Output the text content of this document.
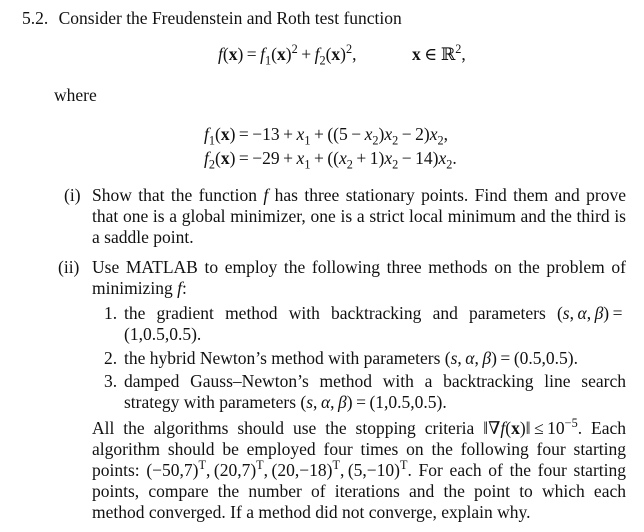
5.2. Consider the Freudenstein and Roth test function
$f(x) = f_1(x)^2 + f_2(x)^2$,	x ∈ ℝ$^2$,
where
$f_1(x) = -13 + x_1 + ((5 - x_2)x_2 - 2)x_2$,
$f_2(x) = -29 + x_1 + ((x_2 + 1)x_2 - 14)x_2$.
(i) Show that the function f has three stationary points. Find them and prove that one is a global minimizer, one is a strict local minimum and the third is a saddle point.
(ii) Use MATLAB to employ the following three methods on the problem of minimizing f:
1. the gradient method with backtracking and parameters (s, α, β) = (1,0.5,0.5).
2. the hybrid Newton’s method with parameters (s, α, β) = (0.5,0.5).
3. damped Gauss–Newton’s method with a backtracking line search strategy with parameters (s, α, β) = (1,0.5,0.5).
All the algorithms should use the stopping criteria ‖∇f(x)‖ ≤ $10^{-5}$. Each algorithm should be employed four times on the following four starting points: $(-50,7)^T$, $(20,7)^T$, $(20,-18)^T$, $(5,-10)^T$. For each of the four starting points, compare the number of iterations and the point to which each method converged. If a method did not converge, explain why.
